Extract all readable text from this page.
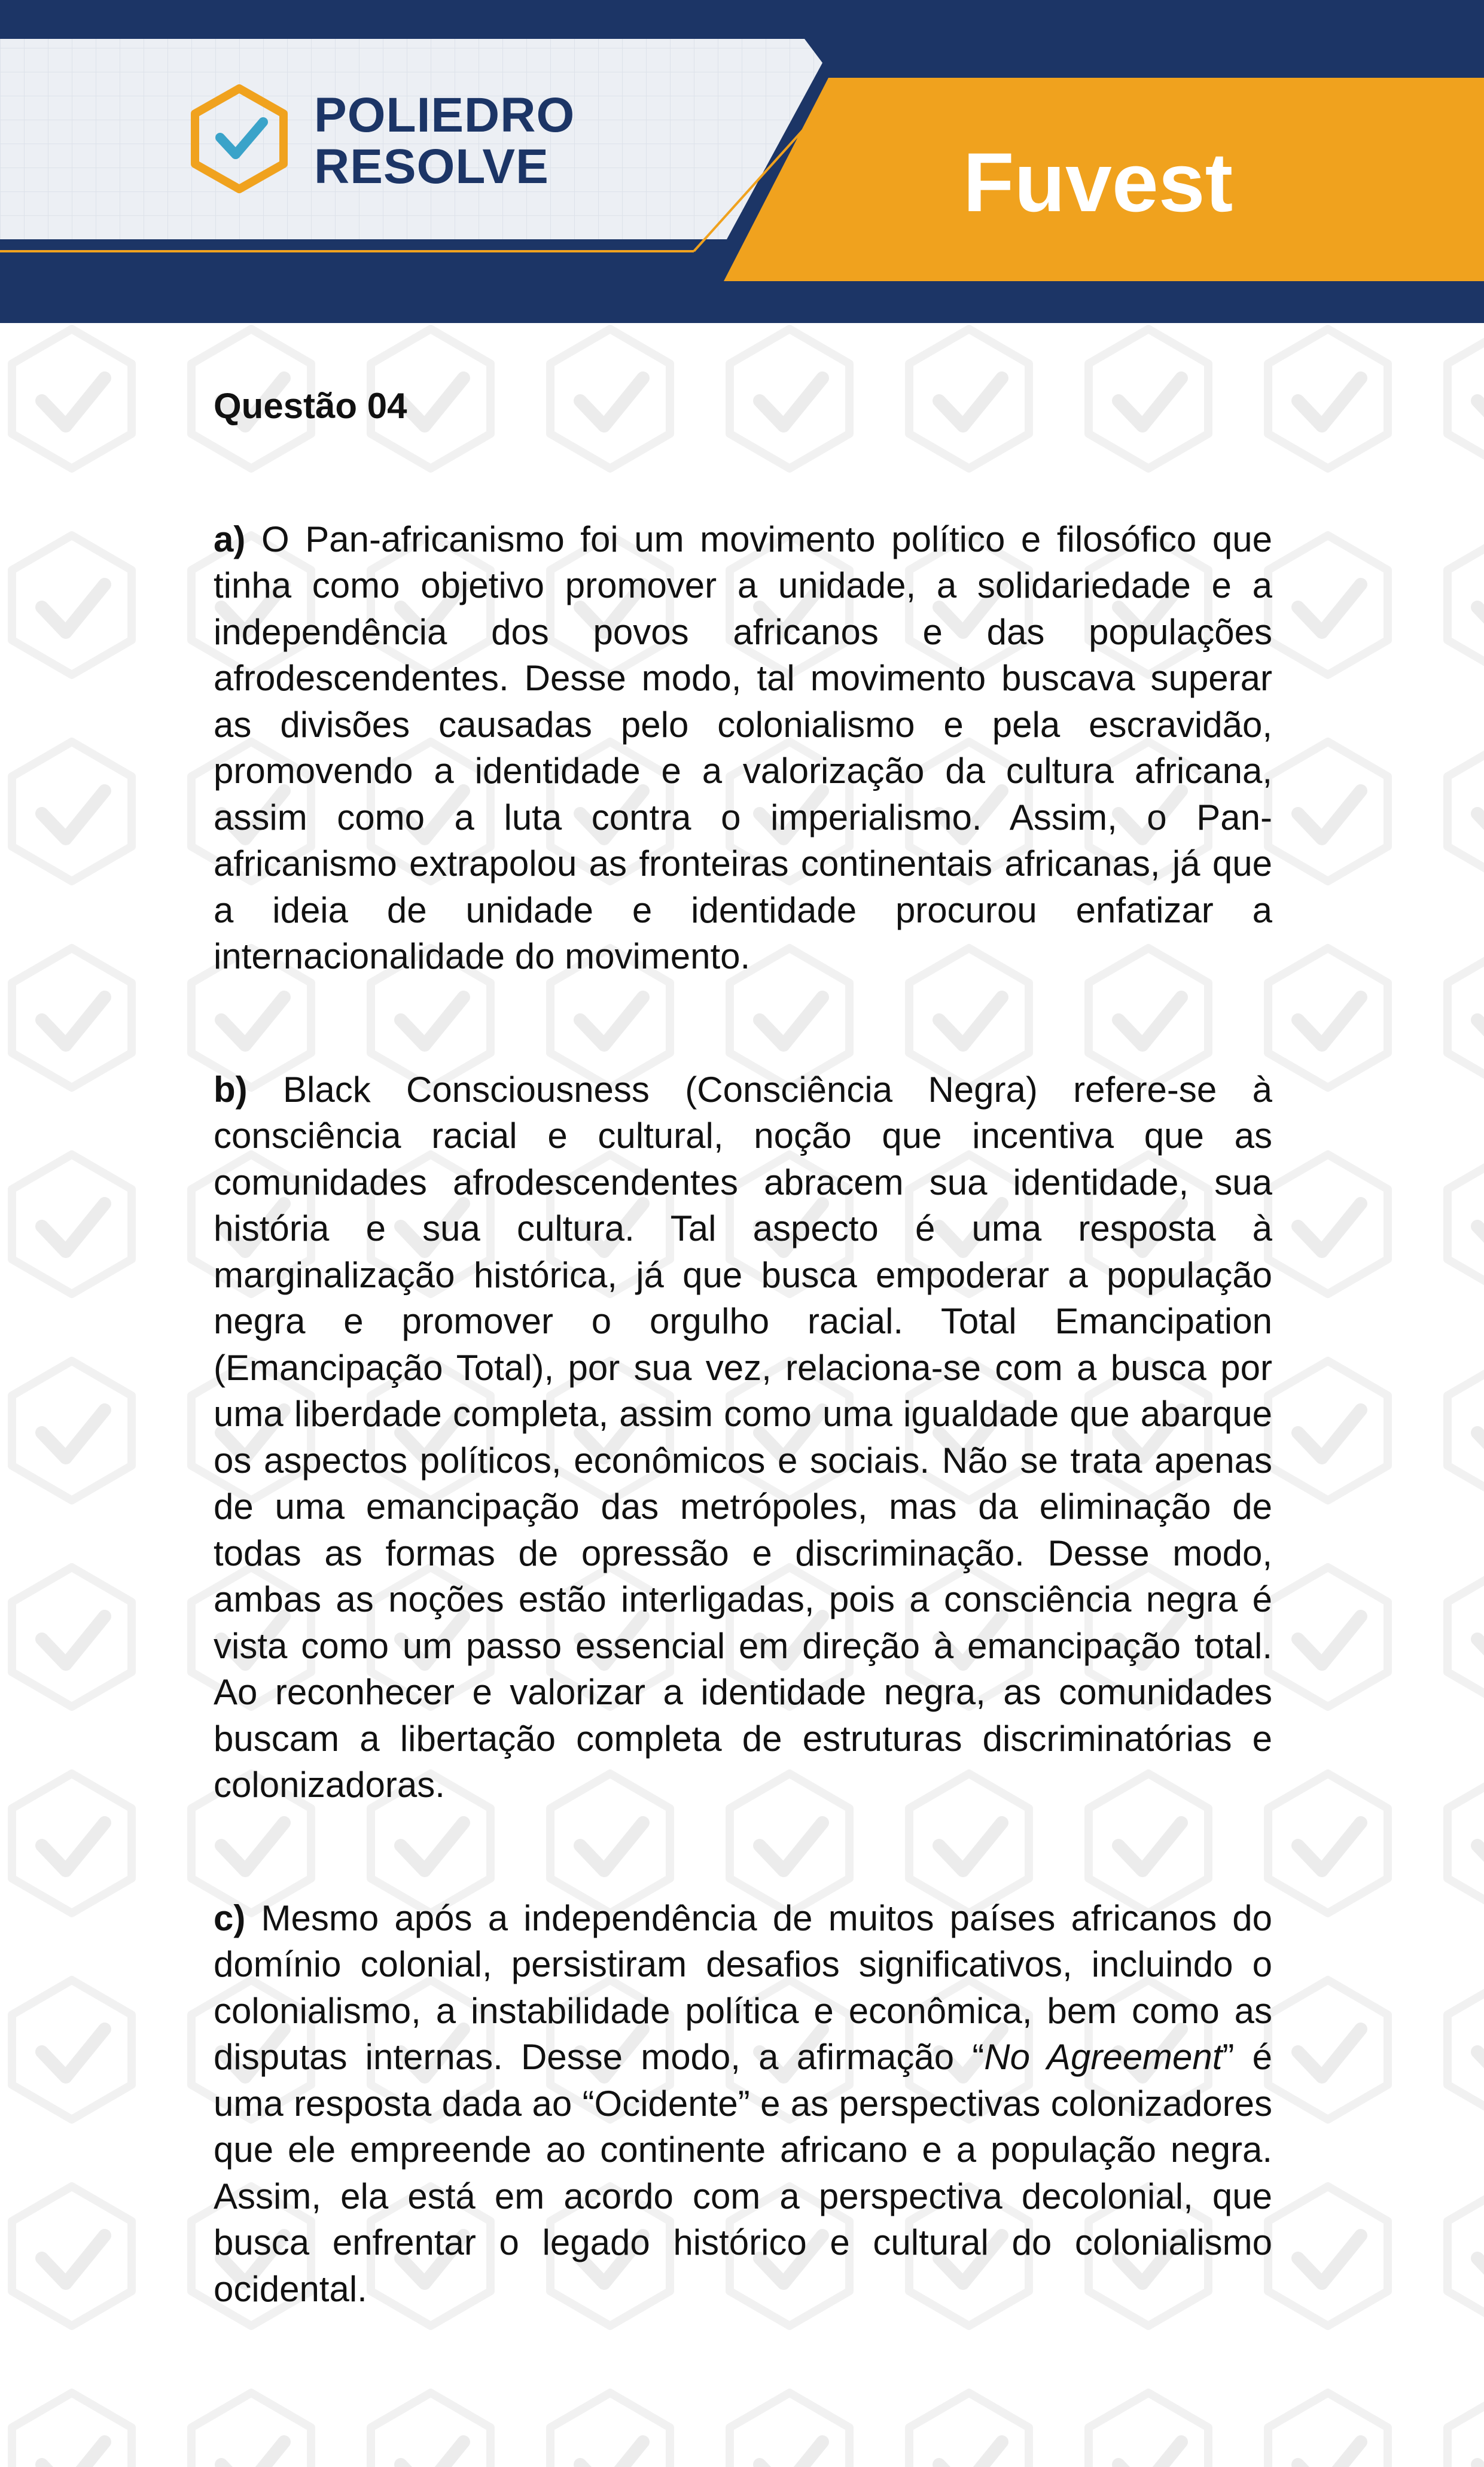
POLIEDRO
RESOLVE	Fuvest
Questão 04

a) O Pan-africanismo foi um movimento político e filosófico que tinha como objetivo promover a unidade, a solidariedade e a independência dos povos africanos e das populações afrodescendentes. Desse modo, tal movimento buscava superar as divisões causadas pelo colonialismo e pela escravidão, promovendo a identidade e a valorização da cultura africana, assim como a luta contra o imperialismo. Assim, o Pan-africanismo extrapolou as fronteiras continentais africanas, já que a ideia de unidade e identidade procurou enfatizar a internacionalidade do movimento.

b) Black Consciousness (Consciência Negra) refere-se à consciência racial e cultural, noção que incentiva que as comunidades afrodescendentes abracem sua identidade, sua história e sua cultura. Tal aspecto é uma resposta à marginalização histórica, já que busca empoderar a população negra e promover o orgulho racial. Total Emancipation (Emancipação Total), por sua vez, relaciona-se com a busca por uma liberdade completa, assim como uma igualdade que abarque os aspectos políticos, econômicos e sociais. Não se trata apenas de uma emancipação das metrópoles, mas da eliminação de todas as formas de opressão e discriminação. Desse modo, ambas as noções estão interligadas, pois a consciência negra é vista como um passo essencial em direção à emancipação total. Ao reconhecer e valorizar a identidade negra, as comunidades buscam a libertação completa de estruturas discriminatórias e colonizadoras.

c) Mesmo após a independência de muitos países africanos do domínio colonial, persistiram desafios significativos, incluindo o colonialismo, a instabilidade política e econômica, bem como as disputas internas. Desse modo, a afirmação “No Agreement” é uma resposta dada ao “Ocidente” e as perspectivas colonizadores que ele empreende ao continente africano e a população negra. Assim, ela está em acordo com a perspectiva decolonial, que busca enfrentar o legado histórico e cultural do colonialismo ocidental.
